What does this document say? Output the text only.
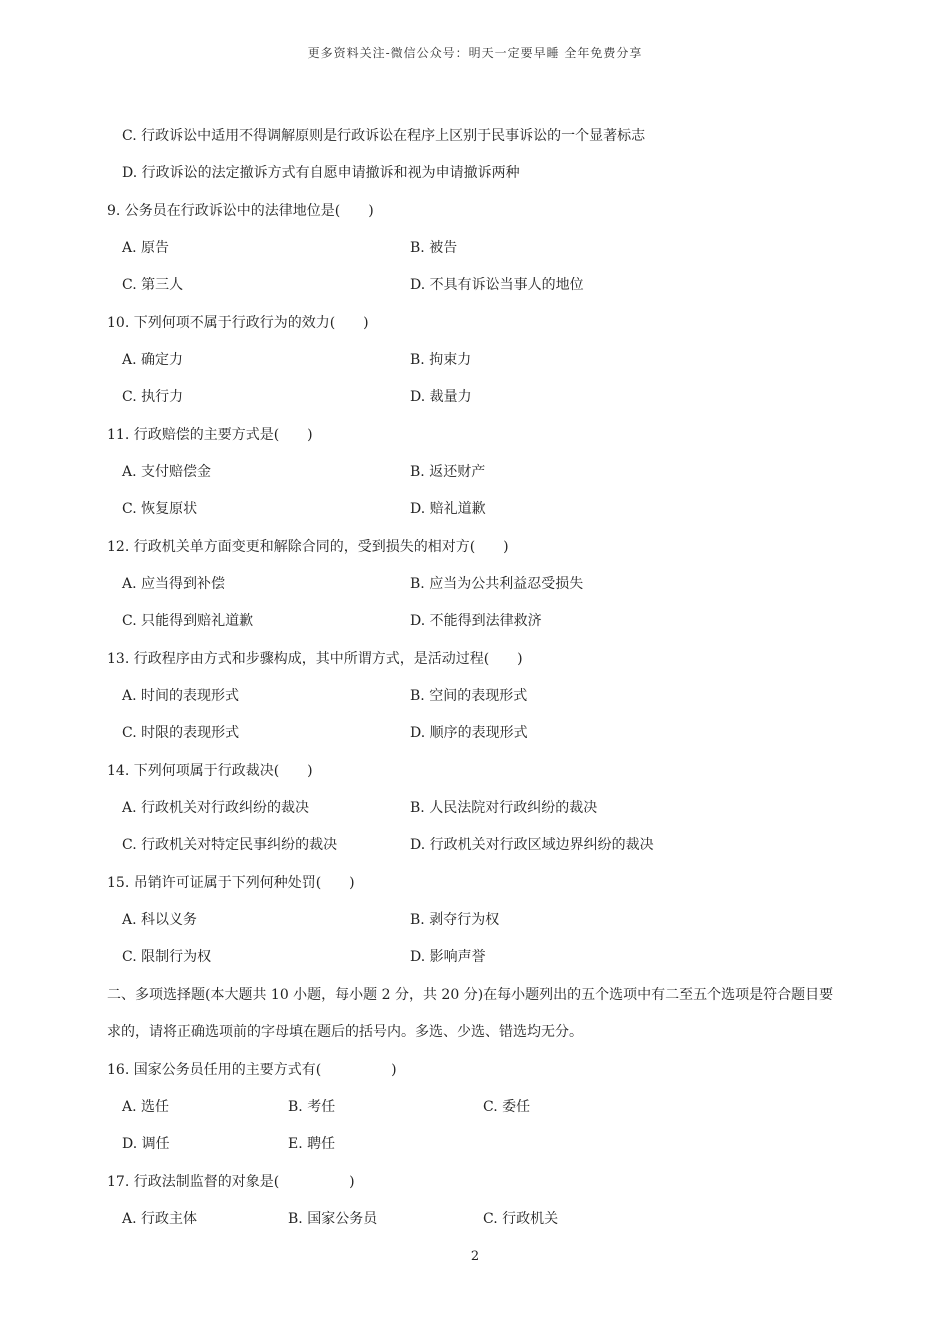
更多资料关注-微信公众号：明天一定要早睡 全年免费分享
C. 行政诉讼中适用不得调解原则是行政诉讼在程序上区别于民事诉讼的一个显著标志
D. 行政诉讼的法定撤诉方式有自愿申请撤诉和视为申请撤诉两种
9. 公务员在行政诉讼中的法律地位是(　　)
A. 原告	B. 被告
C. 第三人	D. 不具有诉讼当事人的地位
10. 下列何项不属于行政行为的效力(　　)
A. 确定力	B. 拘束力
C. 执行力	D. 裁量力
11. 行政赔偿的主要方式是(　　)
A. 支付赔偿金	B. 返还财产
C. 恢复原状	D. 赔礼道歉
12. 行政机关单方面变更和解除合同的，受到损失的相对方(　　)
A. 应当得到补偿	B. 应当为公共利益忍受损失
C. 只能得到赔礼道歉	D. 不能得到法律救济
13. 行政程序由方式和步骤构成，其中所谓方式，是活动过程(　　)
A. 时间的表现形式	B. 空间的表现形式
C. 时限的表现形式	D. 顺序的表现形式
14. 下列何项属于行政裁决(　　)
A. 行政机关对行政纠纷的裁决	B. 人民法院对行政纠纷的裁决
C. 行政机关对特定民事纠纷的裁决	D. 行政机关对行政区域边界纠纷的裁决
15. 吊销许可证属于下列何种处罚(　　)
A. 科以义务	B. 剥夺行为权
C. 限制行为权	D. 影响声誉
二、多项选择题(本大题共 10 小题，每小题 2 分，共 20 分)在每小题列出的五个选项中有二至五个选项是符合题目要
求的，请将正确选项前的字母填在题后的括号内。多选、少选、错选均无分。
16. 国家公务员任用的主要方式有(　　　　　)
A. 选任	B. 考任	C. 委任
D. 调任	E. 聘任
17. 行政法制监督的对象是(　　　　　)
A. 行政主体	B. 国家公务员	C. 行政机关
2
